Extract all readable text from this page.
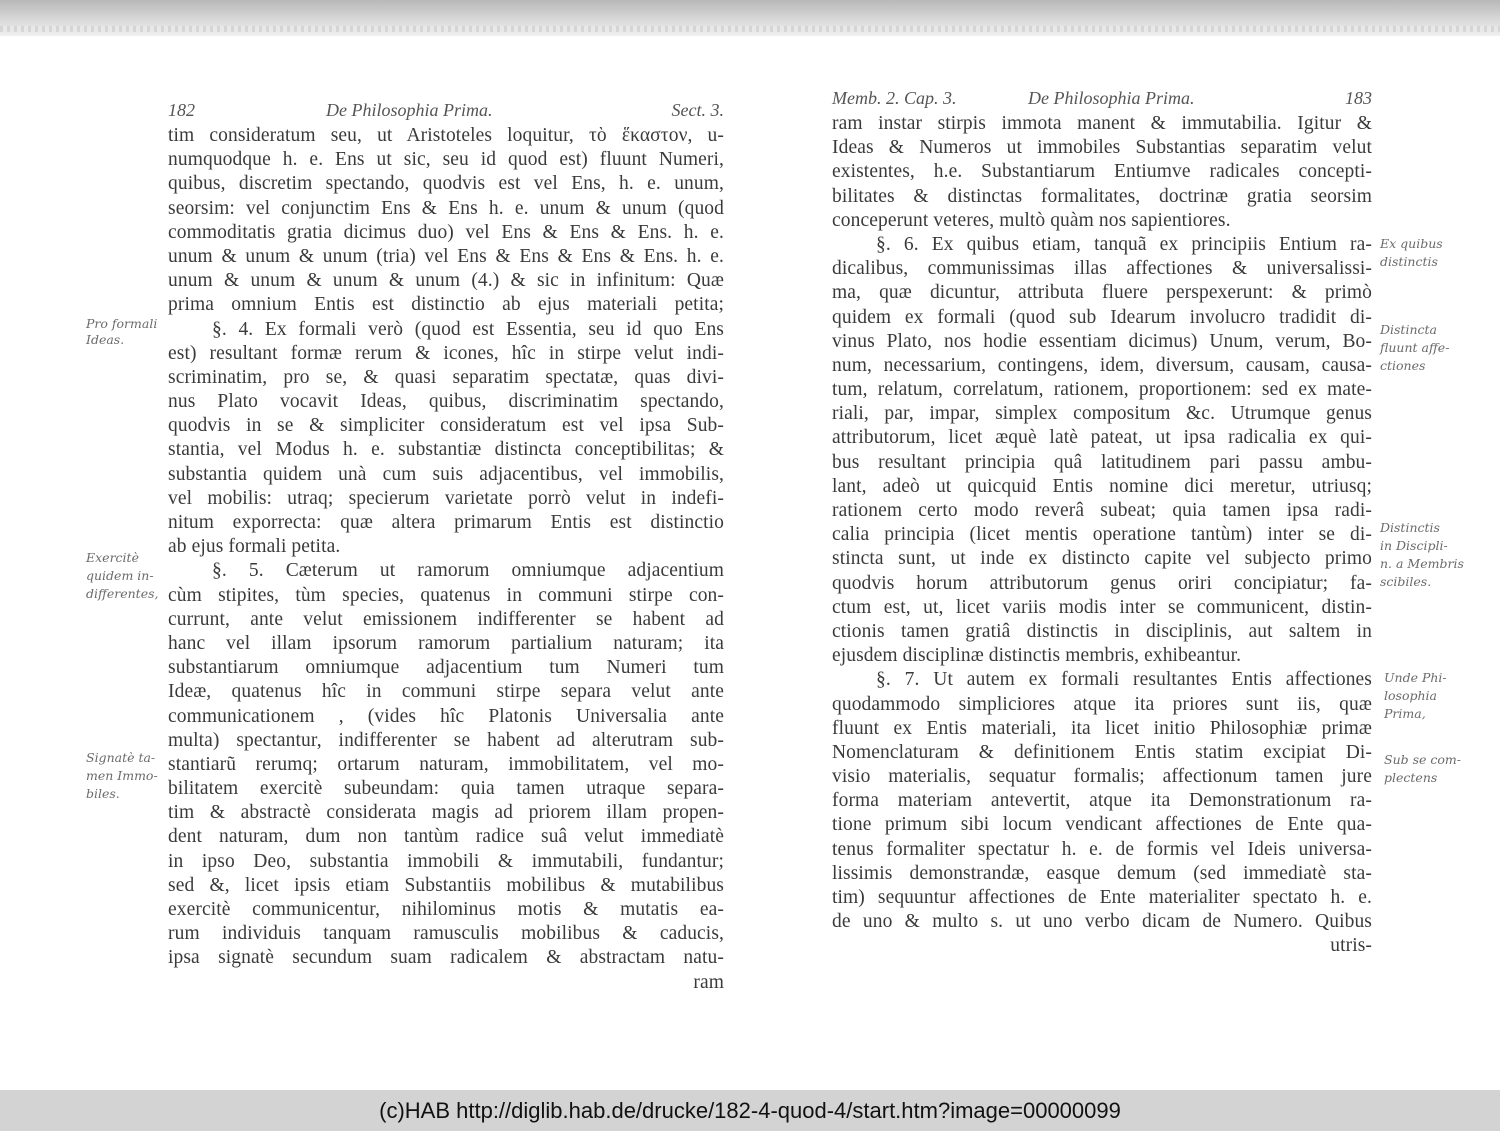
182	De Philosophia Prima.	Sect. 3.
tim consideratum seu, ut Aristoteles loquitur, τὸ ἕκαστον, u-
numquodque h. e. Ens ut sic, seu id quod est) fluunt Numeri,
quibus, discretim spectando, quodvis est vel Ens, h. e. unum,
seorsim: vel conjunctim Ens & Ens h. e. unum & unum (quod
commoditatis gratia dicimus duo) vel Ens & Ens & Ens. h. e.
unum & unum & unum (tria) vel Ens & Ens & Ens & Ens. h. e.
unum & unum & unum & unum (4.) & sic in infinitum: Quæ
prima omnium Entis est distinctio ab ejus materiali petita;
§. 4. Ex formali verò (quod est Essentia, seu id quo Ens
est) resultant formæ rerum & icones, hîc in stirpe velut indi-
scriminatim, pro se, & quasi separatim spectatæ, quas divi-
nus Plato vocavit Ideas, quibus, discriminatim spectando,
quodvis in se & simpliciter consideratum est vel ipsa Sub-
stantia, vel Modus h. e. substantiæ distincta conceptibilitas; &
substantia quidem unà cum suis adjacentibus, vel immobilis,
vel mobilis: utraq; specierum varietate porrò velut in indefi-
nitum exporrecta: quæ altera primarum Entis est distinctio
ab ejus formali petita.
§. 5. Cæterum ut ramorum omniumque adjacentium
cùm stipites, tùm species, quatenus in communi stirpe con-
currunt, ante velut emissionem indifferenter se habent ad
hanc vel illam ipsorum ramorum partialium naturam; ita
substantiarum omniumque adjacentium tum Numeri tum
Ideæ, quatenus hîc in communi stirpe separa velut ante
communicationem , (vides hîc Platonis Universalia ante
multa) spectantur, indifferenter se habent ad alterutram sub-
stantiarũ rerumq; ortarum naturam, immobilitatem, vel mo-
bilitatem exercitè subeundam: quia tamen utraque separa-
tim & abstractè considerata magis ad priorem illam propen-
dent naturam, dum non tantùm radice suâ velut immediatè
in ipso Deo, substantia immobili & immutabili, fundantur;
sed &, licet ipsis etiam Substantiis mobilibus & mutabilibus
exercitè communicentur, nihilominus motis & mutatis ea-
rum individuis tanquam ramusculis mobilibus & caducis,
ipsa signatè secundum suam radicalem & abstractam natu-
ram
Pro formali
Ideas.
Exercitè
quidem in-
differentes,
Signatè ta-
men Immo-
biles.
Memb. 2. Cap. 3.	De Philosophia Prima.	183
ram instar stirpis immota manent & immutabilia. Igitur &
Ideas & Numeros ut immobiles Substantias separatim velut
existentes, h.e. Substantiarum Entiumve radicales concepti-
bilitates & distinctas formalitates, doctrinæ gratia seorsim
conceperunt veteres, multò quàm nos sapientiores.
§. 6. Ex quibus etiam, tanquã ex principiis Entium ra-
dicalibus, communissimas illas affectiones & universalissi-
ma, quæ dicuntur, attributa fluere perspexerunt: & primò
quidem ex formali (quod sub Idearum involucro tradidit di-
vinus Plato, nos hodie essentiam dicimus) Unum, verum, Bo-
num, necessarium, contingens, idem, diversum, causam, causa-
tum, relatum, correlatum, rationem, proportionem: sed ex mate-
riali, par, impar, simplex compositum &c. Utrumque genus
attributorum, licet æquè latè pateat, ut ipsa radicalia ex qui-
bus resultant principia quâ latitudinem pari passu ambu-
lant, adeò ut quicquid Entis nomine dici meretur, utriusq;
rationem certo modo reverâ subeat; quia tamen ipsa radi-
calia principia (licet mentis operatione tantùm) inter se di-
stincta sunt, ut inde ex distincto capite vel subjecto primo
quodvis horum attributorum genus oriri concipiatur; fa-
ctum est, ut, licet variis modis inter se communicent, distin-
ctionis tamen gratiâ distinctis in disciplinis, aut saltem in
ejusdem disciplinæ distinctis membris, exhibeantur.
§. 7. Ut autem ex formali resultantes Entis affectiones
quodammodo simpliciores atque ita priores sunt iis, quæ
fluunt ex Entis materiali, ita licet initio Philosophiæ primæ
Nomenclaturam & definitionem Entis statim excipiat Di-
visio materialis, sequatur formalis; affectionum tamen jure
forma materiam antevertit, atque ita Demonstrationum ra-
tione primum sibi locum vendicant affectiones de Ente qua-
tenus formaliter spectatur h. e. de formis vel Ideis universa-
lissimis demonstrandæ, easque demum (sed immediatè sta-
tim) sequuntur affectiones de Ente materialiter spectato h. e.
de uno & multo s. ut uno verbo dicam de Numero. Quibus
utris-
Ex quibus
distinctis
Distincta
fluunt affe-
ctiones
Distinctis
in Discipli-
n. a Membris
scibiles.
Unde Phi-
losophia
Prima,
Sub se com-
plectens
(c)HAB http://diglib.hab.de/drucke/182-4-quod-4/start.htm?image=00000099
